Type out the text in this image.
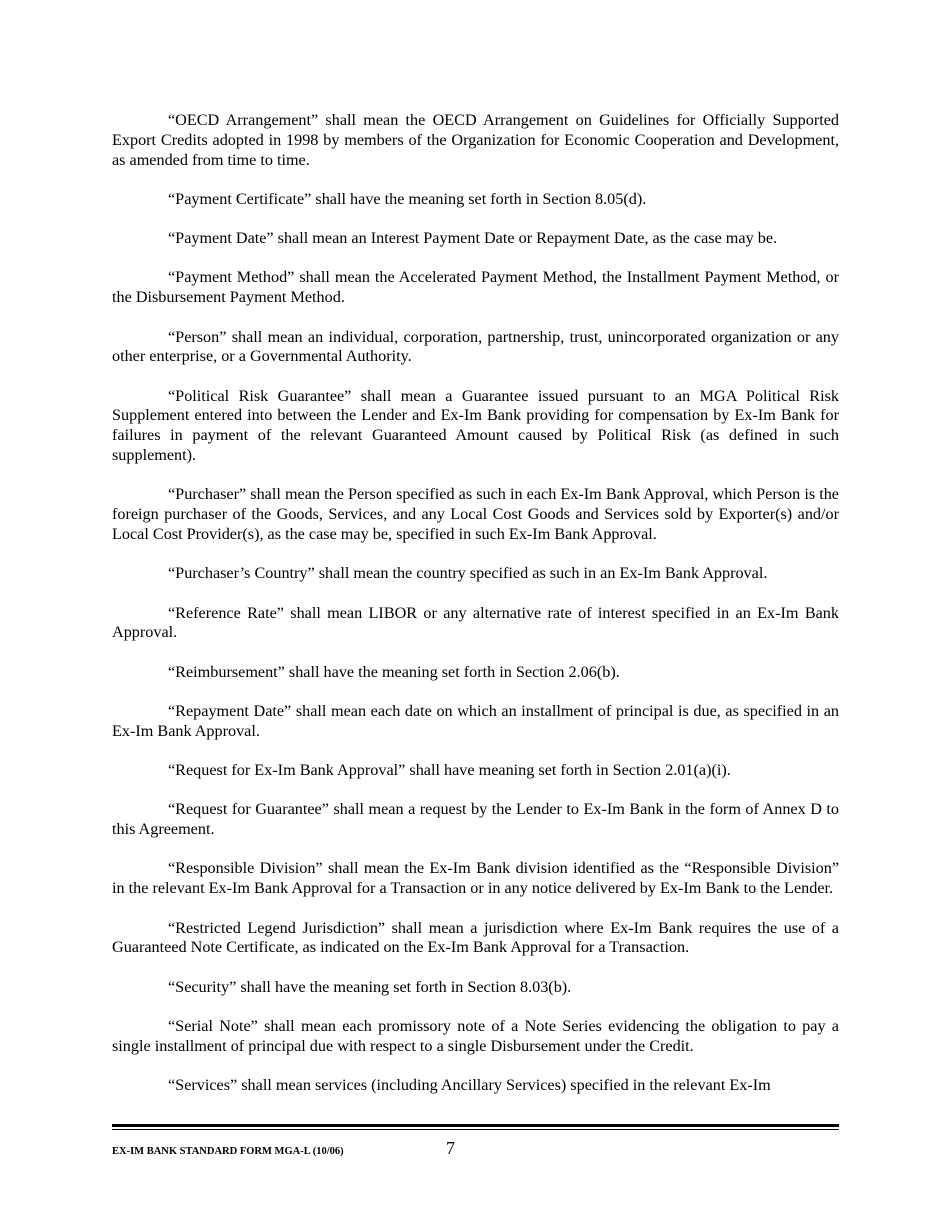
“OECD Arrangement” shall mean the OECD Arrangement on Guidelines for Officially Supported Export Credits adopted in 1998 by members of the Organization for Economic Cooperation and Development, as amended from time to time.

“Payment Certificate” shall have the meaning set forth in Section 8.05(d).

“Payment Date” shall mean an Interest Payment Date or Repayment Date, as the case may be.

“Payment Method” shall mean the Accelerated Payment Method, the Installment Payment Method, or the Disbursement Payment Method.

“Person” shall mean an individual, corporation, partnership, trust, unincorporated organization or any other enterprise, or a Governmental Authority.

“Political Risk Guarantee” shall mean a Guarantee issued pursuant to an MGA Political Risk Supplement entered into between the Lender and Ex-Im Bank providing for compensation by Ex-Im Bank for failures in payment of the relevant Guaranteed Amount caused by Political Risk (as defined in such supplement).

“Purchaser” shall mean the Person specified as such in each Ex-Im Bank Approval, which Person is the foreign purchaser of the Goods, Services, and any Local Cost Goods and Services sold by Exporter(s) and/or Local Cost Provider(s), as the case may be, specified in such Ex-Im Bank Approval.

“Purchaser’s Country” shall mean the country specified as such in an Ex-Im Bank Approval.

“Reference Rate” shall mean LIBOR or any alternative rate of interest specified in an Ex-Im Bank Approval.

“Reimbursement” shall have the meaning set forth in Section 2.06(b).

“Repayment Date” shall mean each date on which an installment of principal is due, as specified in an Ex-Im Bank Approval.

“Request for Ex-Im Bank Approval” shall have meaning set forth in Section 2.01(a)(i).

“Request for Guarantee” shall mean a request by the Lender to Ex-Im Bank in the form of Annex D to this Agreement.

“Responsible Division” shall mean the Ex-Im Bank division identified as the “Responsible Division” in the relevant Ex-Im Bank Approval for a Transaction or in any notice delivered by Ex-Im Bank to the Lender.

“Restricted Legend Jurisdiction” shall mean a jurisdiction where Ex-Im Bank requires the use of a Guaranteed Note Certificate, as indicated on the Ex-Im Bank Approval for a Transaction.

“Security” shall have the meaning set forth in Section 8.03(b).

“Serial Note” shall mean each promissory note of a Note Series evidencing the obligation to pay a single installment of principal due with respect to a single Disbursement under the Credit.

“Services” shall mean services (including Ancillary Services) specified in the relevant Ex-Im

EX-IM BANK STANDARD FORM MGA-L (10/06)	7
